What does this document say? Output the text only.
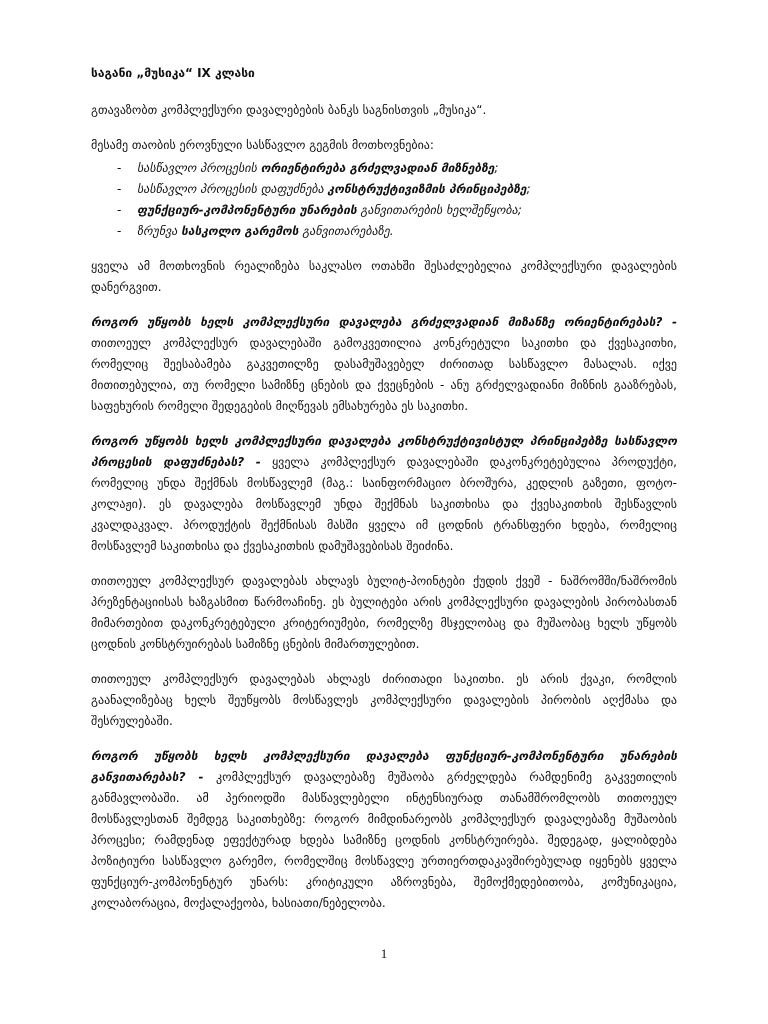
საგანი „მუსიკა“ IX კლასი

გთავაზობთ კომპლექსური დავალებების ბანკს საგნისთვის „მუსიკა“.

მესამე თაობის ეროვნული სასწავლო გეგმის მოთხოვნებია:

- სასწავლო პროცესის ორიენტირება გრძელვადიან მიზნებზე;
- სასწავლო პროცესის დაფუძნება კონსტრუქტივიზმის პრინციპებზე;
- ფუნქციურ-კომპონენტური უნარების განვითარების ხელშეწყობა;
- ზრუნვა სასკოლო გარემოს განვითარებაზე.

ყველა ამ მოთხოვნის რეალიზება საკლასო ოთახში შესაძლებელია კომპლექსური დავალების დანერგვით.

როგორ უწყობს ხელს კომპლექსური დავალება გრძელვადიან მიზანზე ორიენტირებას? - თითოეულ კომპლექსურ დავალებაში გამოკვეთილია კონკრეტული საკითხი და ქვესაკითხი, რომელიც შეესაბამება გაკვეთილზე დასამუშავებელ ძირითად სასწავლო მასალას. იქვე მითითებულია, თუ რომელი სამიზნე ცნების და ქვეცნების - ანუ გრძელვადიანი მიზნის გააზრებას, საფეხურის რომელი შედეგების მიღწევას ემსახურება ეს საკითხი.

როგორ უწყობს ხელს კომპლექსური დავალება კონსტრუქტივისტულ პრინციპებზე სასწავლო პროცესის დაფუძნებას? - ყველა კომპლექსურ დავალებაში დაკონკრეტებულია პროდუქტი, რომელიც უნდა შექმნას მოსწავლემ (მაგ.: საინფორმაციო ბროშურა, კედლის გაზეთი, ფოტო-კოლაჟი). ეს დავალება მოსწავლემ უნდა შექმნას საკითხისა და ქვესაკითხის შესწავლის კვალდაკვალ. პროდუქტის შექმნისას მასში ყველა იმ ცოდნის ტრანსფერი ხდება, რომელიც მოსწავლემ საკითხისა და ქვესაკითხის დამუშავებისას შეიძინა.

თითოეულ კომპლექსურ დავალებას ახლავს ბულიტ-პოინტები ქუდის ქვეშ - ნაშრომში/ნაშრომის პრეზენტაციისას ხაზგასმით წარმოაჩინე. ეს ბულიტები არის კომპლექსური დავალების პირობასთან მიმართებით დაკონკრეტებული კრიტერიუმები, რომელზე მსჯელობაც და მუშაობაც ხელს უწყობს ცოდნის კონსტრუირებას სამიზნე ცნების მიმართულებით.

თითოეულ კომპლექსურ დავალებას ახლავს ძირითადი საკითხი. ეს არის ქვაკი, რომლის გაანალიზებაც ხელს შეუწყობს მოსწავლეს კომპლექსური დავალების პირობის აღქმასა და შესრულებაში.

როგორ უწყობს ხელს კომპლექსური დავალება ფუნქციურ-კომპონენტური უნარების განვითარებას? - კომპლექსურ დავალებაზე მუშაობა გრძელდება რამდენიმე გაკვეთილის განმავლობაში. ამ პერიოდში მასწავლებელი ინტენსიურად თანამშრომლობს თითოეულ მოსწავლესთან შემდეგ საკითხებზე: როგორ მიმდინარეობს კომპლექსურ დავალებაზე მუშაობის პროცესი; რამდენად ეფექტურად ხდება სამიზნე ცოდნის კონსტრუირება. შედეგად, ყალიბდება პოზიტიური სასწავლო გარემო, რომელშიც მოსწავლე ურთიერთდაკავშირებულად იყენებს ყველა ფუნქციურ-კომპონენტურ უნარს: კრიტიკული აზროვნება, შემოქმედებითობა, კომუნიკაცია, კოლაბორაცია, მოქალაქეობა, ხასიათი/ნებელობა.

1
